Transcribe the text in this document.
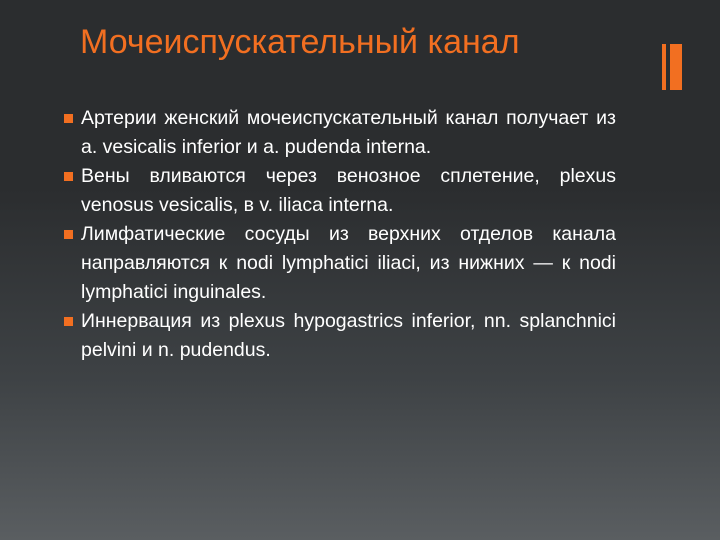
Мочеиспускательный канал
Артерии женский мочеиспускательный канал получает из a. vesicalis inferior и a. pudenda interna.
Вены вливаются через венозное сплетение, plexus venosus vesicalis, в v. iliaca interna.
Лимфатические сосуды из верхних отделов канала направляются к nodi lymphatici iliaci, из нижних — к nodi lymphatici inguinales.
Иннервация из plexus hypogastrics inferior, nn. splanchnici pelvini и n. pudendus.
